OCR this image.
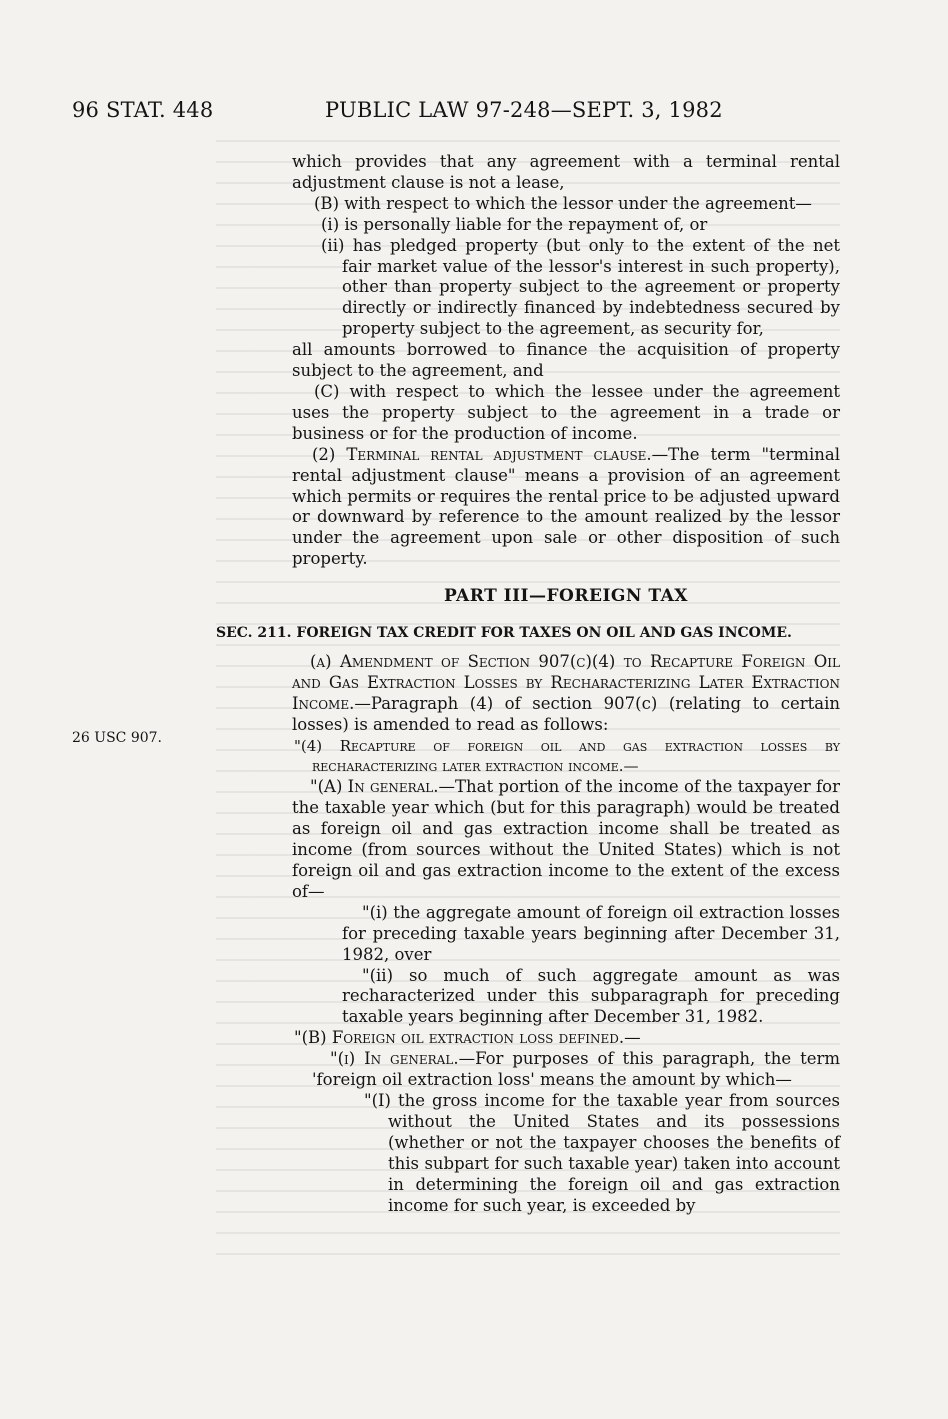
96 STAT. 448	PUBLIC LAW 97-248—SEPT. 3, 1982
26 USC 907.

which provides that any agreement with a terminal rental adjustment clause is not a lease,

(B) with respect to which the lessor under the agreement—

(i) is personally liable for the repayment of, or

(ii) has pledged property (but only to the extent of the net fair market value of the lessor's interest in such property), other than property subject to the agreement or property directly or indirectly financed by indebtedness secured by property subject to the agreement, as security for,

all amounts borrowed to finance the acquisition of property subject to the agreement, and

(C) with respect to which the lessee under the agreement uses the property subject to the agreement in a trade or business or for the production of income.

(2) Terminal rental adjustment clause.—The term "terminal rental adjustment clause" means a provision of an agreement which permits or requires the rental price to be adjusted upward or downward by reference to the amount realized by the lessor under the agreement upon sale or other disposition of such property.

PART III—FOREIGN TAX

SEC. 211. FOREIGN TAX CREDIT FOR TAXES ON OIL AND GAS INCOME.

(a) Amendment of Section 907(c)(4) to Recapture Foreign Oil and Gas Extraction Losses by Recharacterizing Later Extraction Income.—Paragraph (4) of section 907(c) (relating to certain losses) is amended to read as follows:

"(4) Recapture of foreign oil and gas extraction losses by recharacterizing later extraction income.—

"(A) In general.—That portion of the income of the taxpayer for the taxable year which (but for this paragraph) would be treated as foreign oil and gas extraction income shall be treated as income (from sources without the United States) which is not foreign oil and gas extraction income to the extent of the excess of—

"(i) the aggregate amount of foreign oil extraction losses for preceding taxable years beginning after December 31, 1982, over

"(ii) so much of such aggregate amount as was recharacterized under this subparagraph for preceding taxable years beginning after December 31, 1982.

"(B) Foreign oil extraction loss defined.—

"(i) In general.—For purposes of this paragraph, the term 'foreign oil extraction loss' means the amount by which—

"(I) the gross income for the taxable year from sources without the United States and its possessions (whether or not the taxpayer chooses the benefits of this subpart for such taxable year) taken into account in determining the foreign oil and gas extraction income for such year, is exceeded by
